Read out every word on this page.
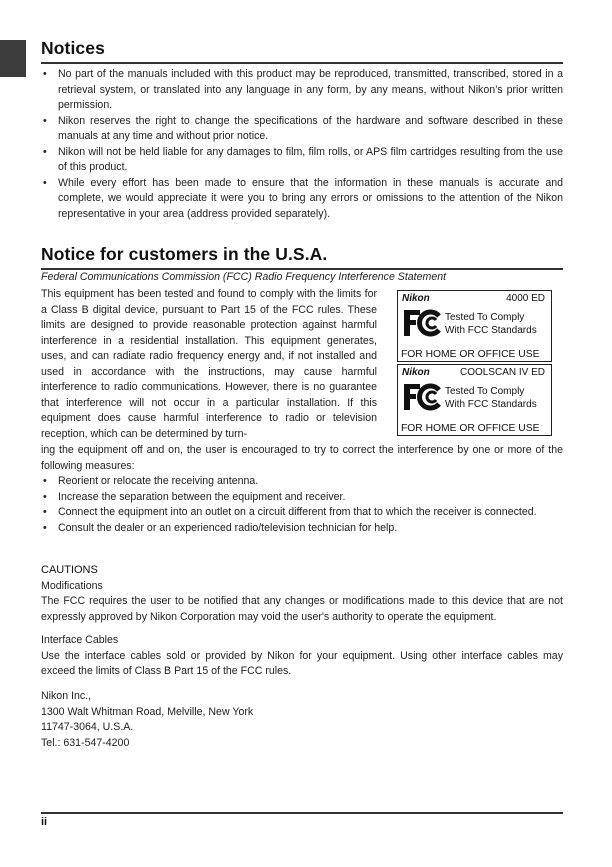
Notices
• No part of the manuals included with this product may be reproduced, transmitted, transcribed, stored in a retrieval system, or translated into any language in any form, by any means, without Nikon’s prior written permission.
• Nikon reserves the right to change the specifications of the hardware and software described in these manuals at any time and without prior notice.
• Nikon will not be held liable for any damages to film, film rolls, or APS film cartridges resulting from the use of this product.
• While every effort has been made to ensure that the information in these manuals is accurate and complete, we would appreciate it were you to bring any errors or omissions to the attention of the Nikon representative in your area (address provided separately).
Notice for customers in the U.S.A.
Federal Communications Commission (FCC) Radio Frequency Interference Statement

This equipment has been tested and found to comply with the limits for a Class B digital device, pursuant to Part 15 of the FCC rules. These limits are designed to provide reasonable protection against harmful interference in a residential installation. This equipment generates, uses, and can radiate radio frequency energy and, if not installed and used in accordance with the instructions, may cause harmful interference to radio communications. However, there is no guarantee that interference will not occur in a particular installation. If this equipment does cause harmful interference to radio or television reception, which can be determined by turn-

Nikon	4000 ED
Tested To Comply
With FCC Standards
FOR HOME OR OFFICE USE
Nikon	COOLSCAN IV ED
Tested To Comply
With FCC Standards
FOR HOME OR OFFICE USE

ing the equipment off and on, the user is encouraged to try to correct the interference by one or more of the following measures:

• Reorient or relocate the receiving antenna.
• Increase the separation between the equipment and receiver.
• Connect the equipment into an outlet on a circuit different from that to which the receiver is connected.
• Consult the dealer or an experienced radio/television technician for help.
CAUTIONS
Modifications
The FCC requires the user to be notified that any changes or modifications made to this device that are not expressly approved by Nikon Corporation may void the user's authority to operate the equipment.
Interface Cables
Use the interface cables sold or provided by Nikon for your equipment. Using other interface cables may exceed the limits of Class B Part 15 of the FCC rules.
Nikon Inc.,
1300 Walt Whitman Road, Melville, New York
11747-3064, U.S.A.
Tel.: 631-547-4200
ii
